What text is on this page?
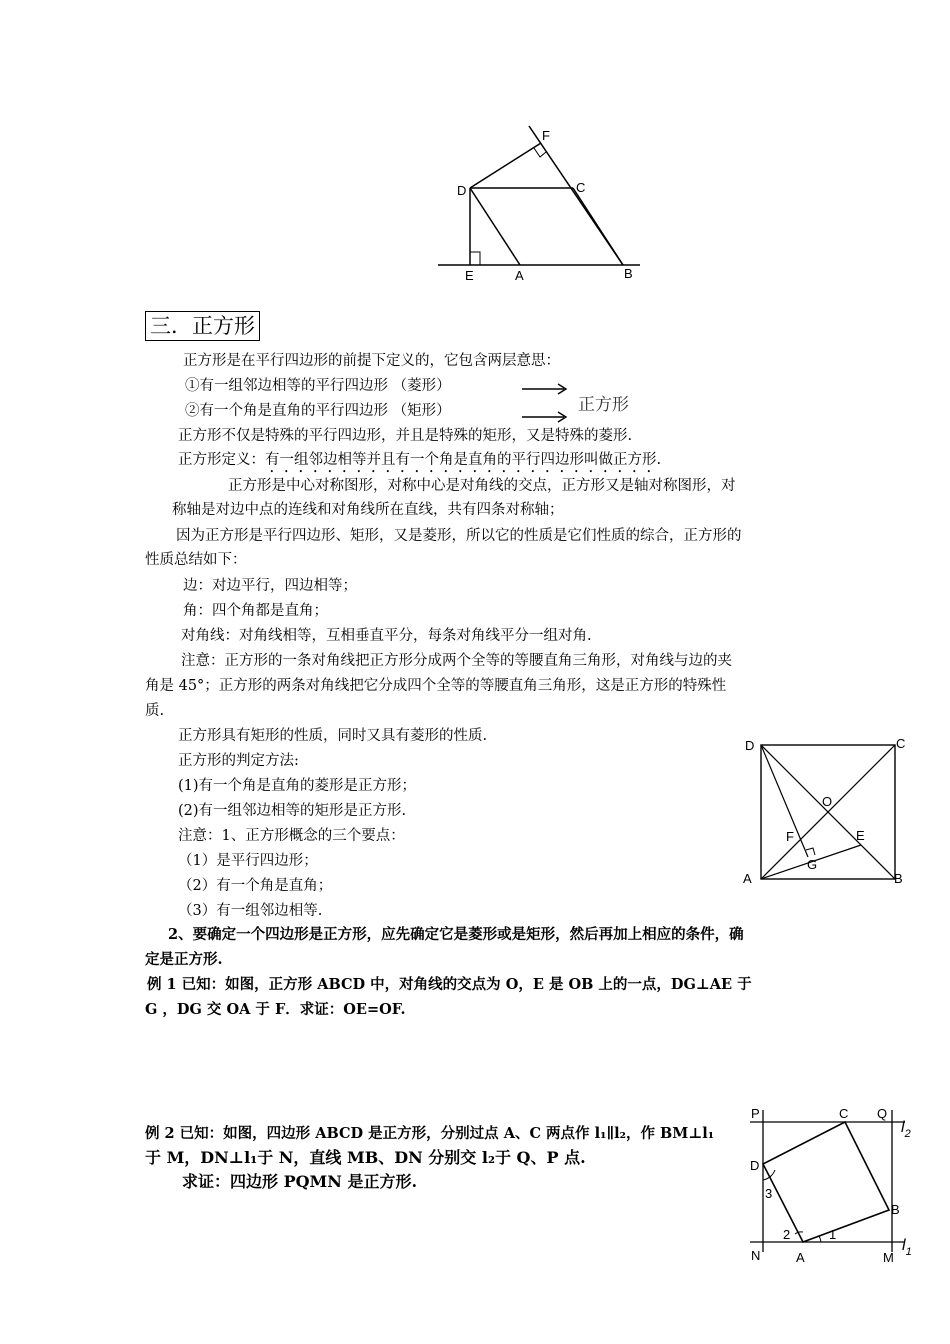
F
D	C
E	A	B
三．正方形
正方形是在平行四边形的前提下定义的，它包含两层意思：
①有一组邻边相等的平行四边形 （菱形）
②有一个角是直角的平行四边形 （矩形）	正方形
正方形不仅是特殊的平行四边形，并且是特殊的矩形，又是特殊的菱形.
正方形定义：有一组邻边相等并且有一个角是直角的平行四边形叫做正方形.
正方形是中心对称图形，对称中心是对角线的交点，正方形又是轴对称图形，对
称轴是对边中点的连线和对角线所在直线，共有四条对称轴；
因为正方形是平行四边形、矩形，又是菱形，所以它的性质是它们性质的综合，正方形的
性质总结如下：
边：对边平行，四边相等；
角：四个角都是直角；
对角线：对角线相等，互相垂直平分，每条对角线平分一组对角.
注意：正方形的一条对角线把正方形分成两个全等的等腰直角三角形，对角线与边的夹
角是 45°；正方形的两条对角线把它分成四个全等的等腰直角三角形，这是正方形的特殊性
质.
正方形具有矩形的性质，同时又具有菱形的性质.
正方形的判定方法:
(1)有一个角是直角的菱形是正方形；
(2)有一组邻边相等的矩形是正方形.
注意：1、正方形概念的三个要点：
（1）是平行四边形；
（2）有一个角是直角；
（3）有一组邻边相等.
D	C
O
F	E
G
A	B
2、要确定一个四边形是正方形，应先确定它是菱形或是矩形，然后再加上相应的条件，确
定是正方形.
例 1 已知：如图，正方形 ABCD 中，对角线的交点为 O，E 是 OB 上的一点，DG⊥AE 于
G ，DG 交 OA 于 F．求证：OE=OF.
例 2 已知：如图，四边形 ABCD 是正方形，分别过点 A、C 两点作 l₁∥l₂，作 BM⊥l₁
于 M，DN⊥l₁于 N，直线 MB、DN 分别交 l₂于 Q、P 点.
求证：四边形 PQMN 是正方形.
P	C Q
$l_2$
D
3
B
2	1
N	A	M
$l_1$
